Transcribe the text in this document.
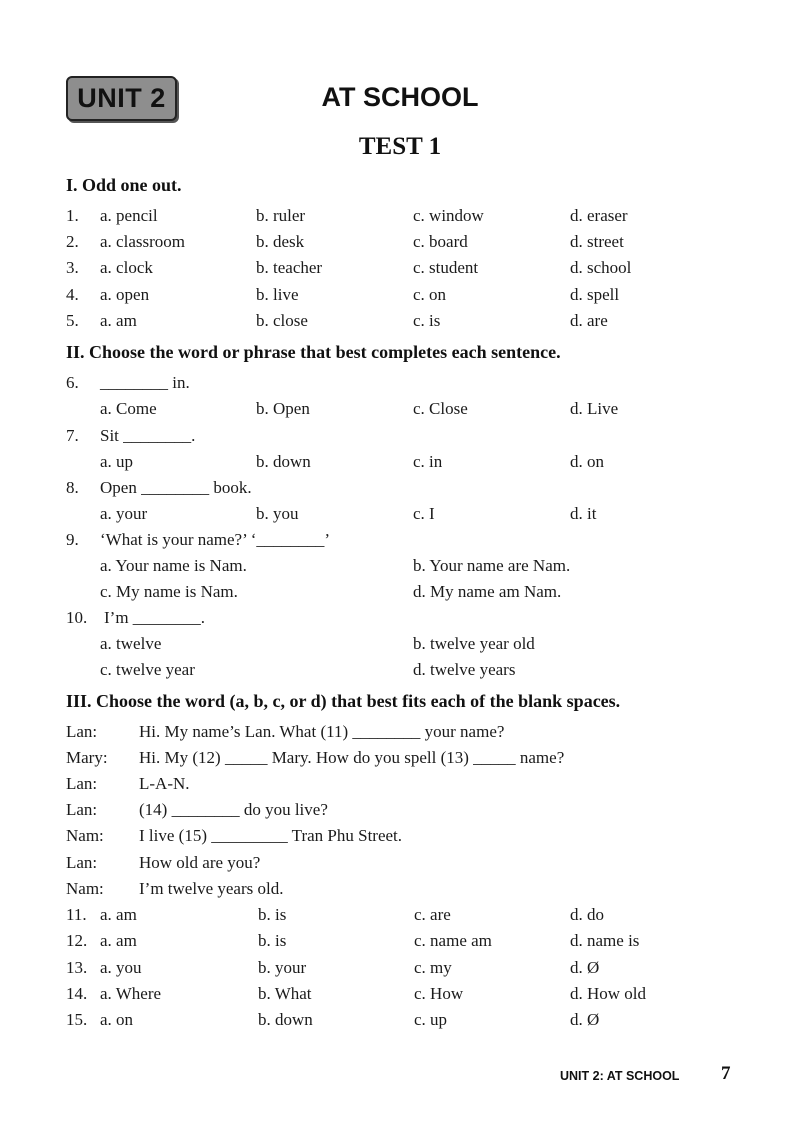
UNIT 2	AT SCHOOL
TEST 1
I. Odd one out.
1. a. pencil	b. ruler	c. window	d. eraser
2. a. classroom	b. desk	c. board	d. street
3. a. clock	b. teacher	c. student	d. school
4. a. open	b. live	c. on	d. spell
5. a. am	b. close	c. is	d. are
II. Choose the word or phrase that best completes each sentence.
6. ________ in.
a. Come	b. Open	c. Close	d. Live
7. Sit ________.
a. up	b. down	c. in	d. on
8. Open ________ book.
a. your	b. you	c. I	d. it
9. ‘What is your name?’ ‘________’
a. Your name is Nam.	b. Your name are Nam.
c. My name is Nam.	d. My name am Nam.
10. I’m ________.
a. twelve	b. twelve year old
c. twelve year	d. twelve years
III. Choose the word (a, b, c, or d) that best fits each of the blank spaces.
Lan: Hi. My name’s Lan. What (11) ________ your name?
Mary: Hi. My (12) _____ Mary. How do you spell (13) _____ name?
Lan: L-A-N.
Lan: (14) ________ do you live?
Nam: I live (15) _________ Tran Phu Street.
Lan: How old are you?
Nam: I’m twelve years old.
11. a. am	b. is	c. are	d. do
12. a. am	b. is	c. name am	d. name is
13. a. you	b. your	c. my	d. Ø
14. a. Where	b. What	c. How	d. How old
15. a. on	b. down	c. up	d. Ø
UNIT 2: AT SCHOOL 7
